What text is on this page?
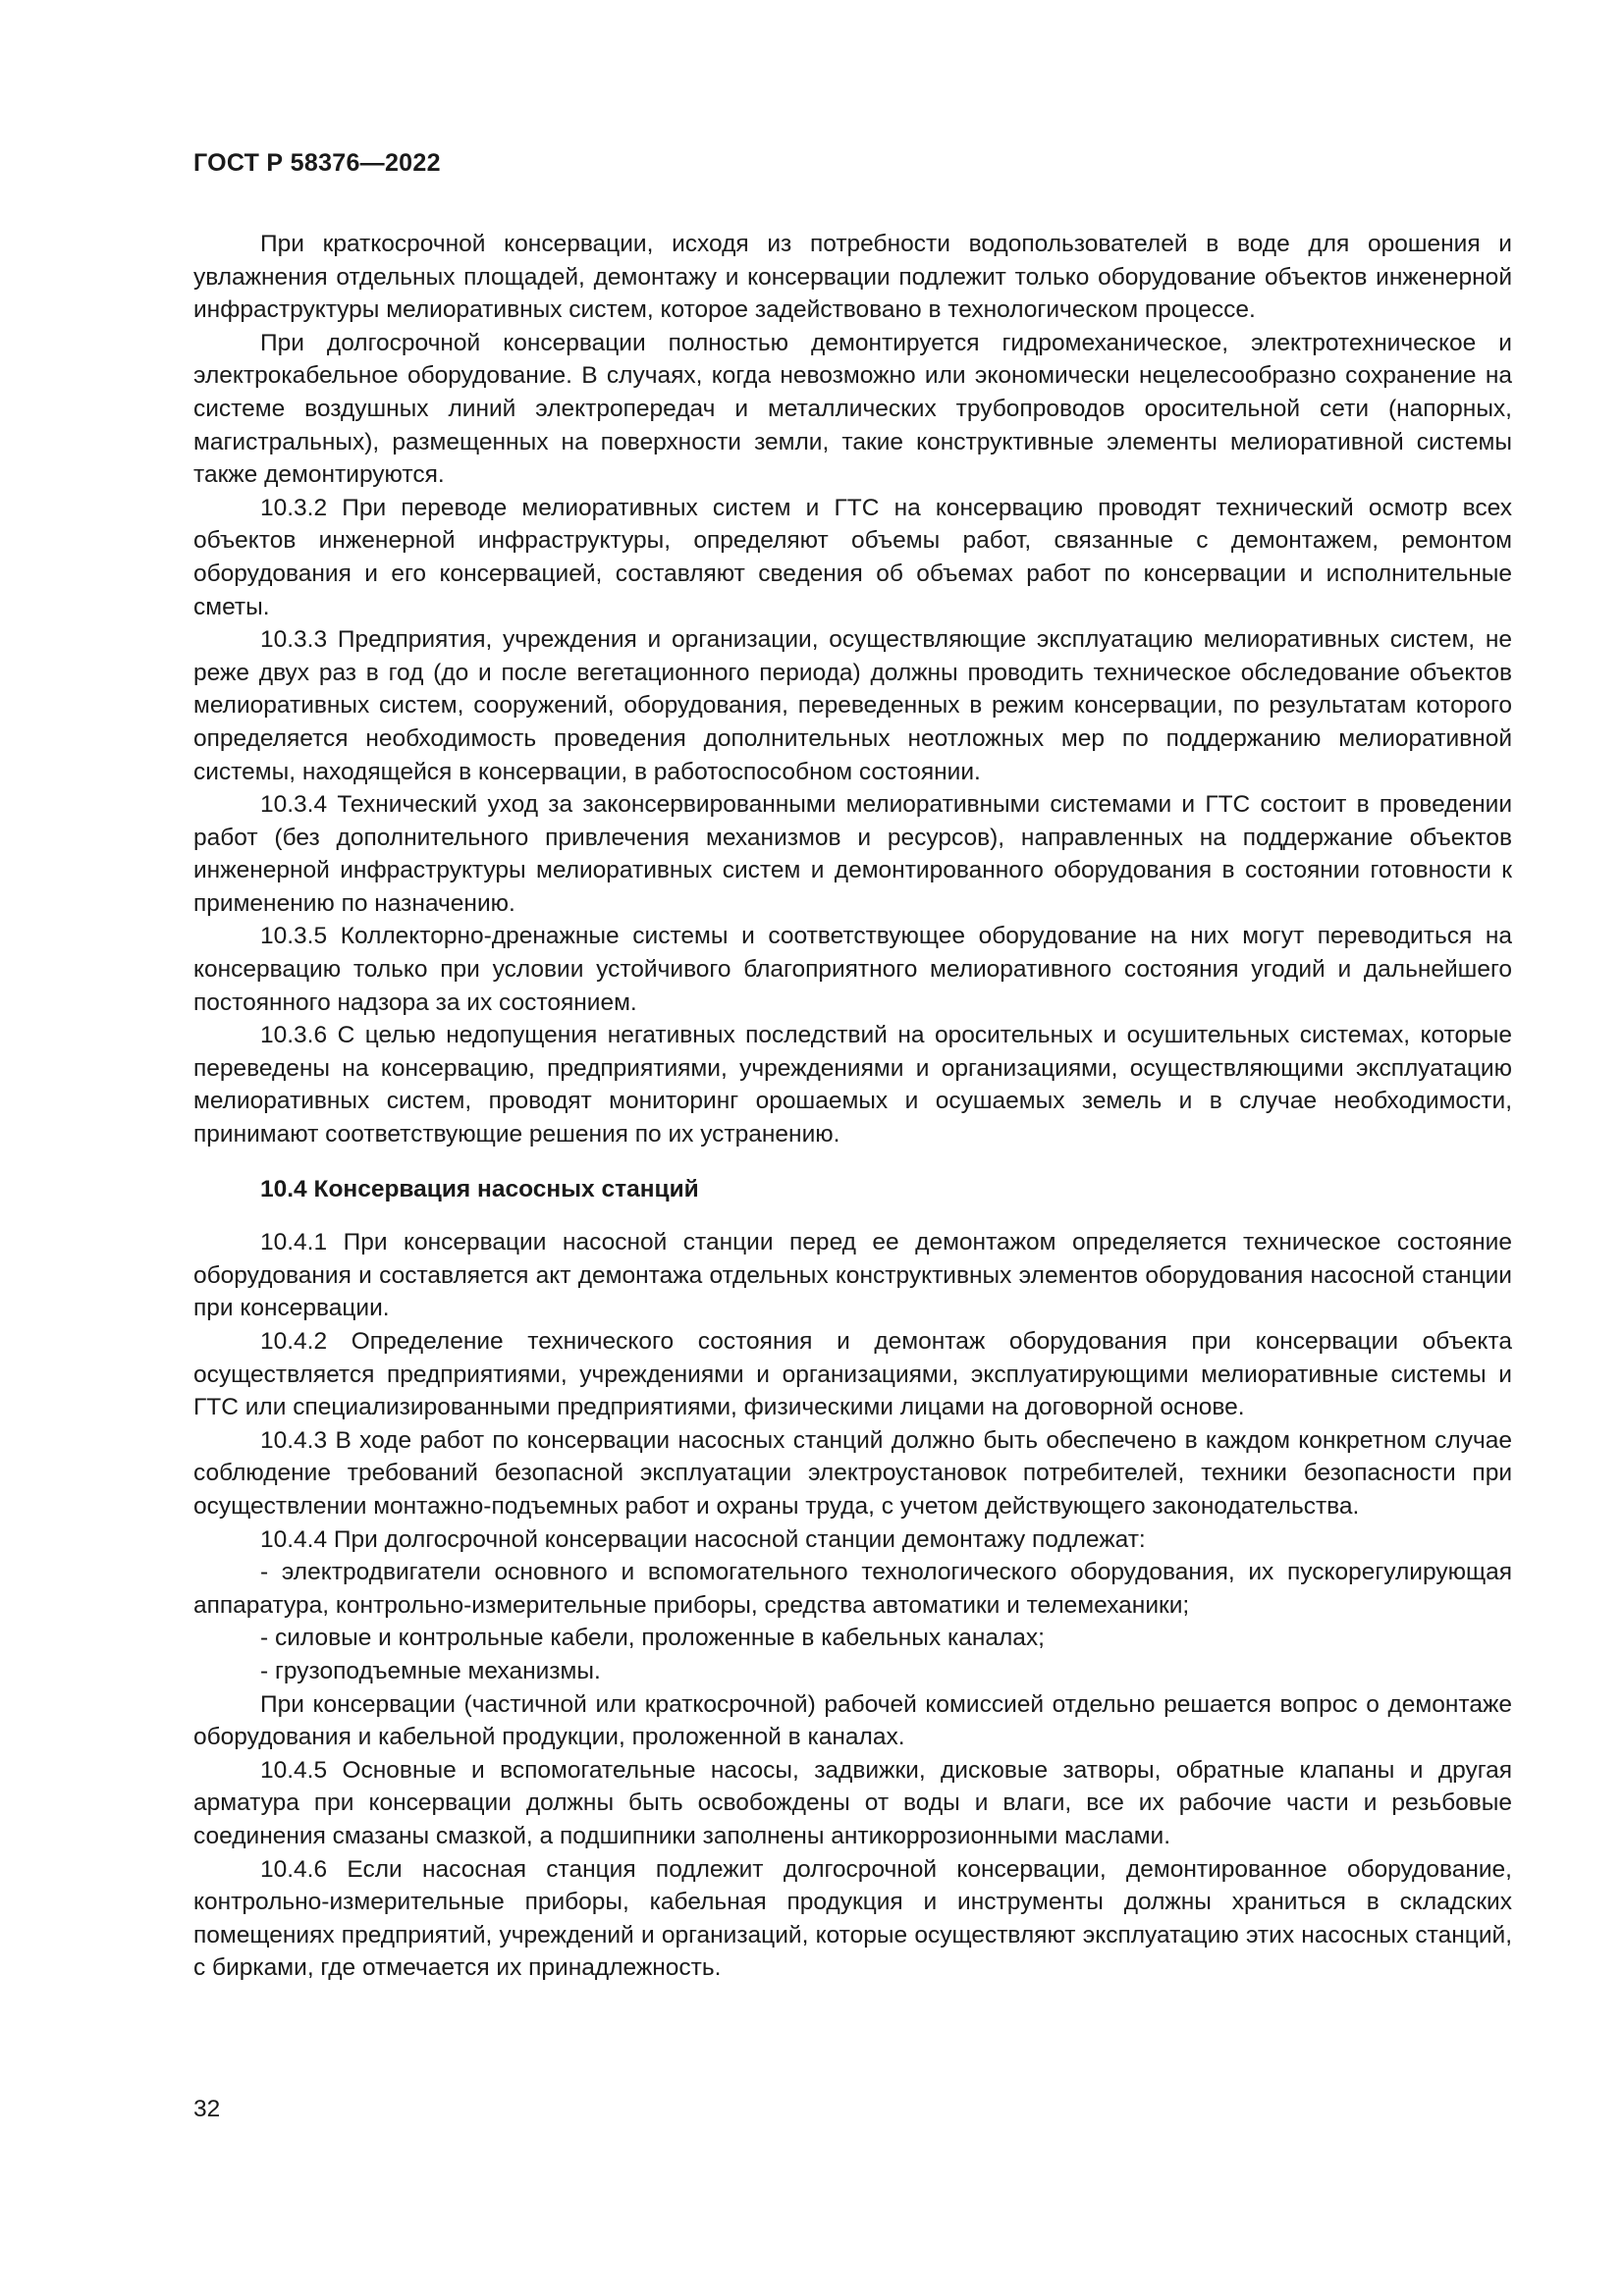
ГОСТ Р 58376—2022

При краткосрочной консервации, исходя из потребности водопользователей в воде для орошения и увлажнения отдельных площадей, демонтажу и консервации подлежит только оборудование объектов инженерной инфраструктуры мелиоративных систем, которое задействовано в технологическом процессе.

При долгосрочной консервации полностью демонтируется гидромеханическое, электротехническое и электрокабельное оборудование. В случаях, когда невозможно или экономически нецелесообразно сохранение на системе воздушных линий электропередач и металлических трубопроводов оросительной сети (напорных, магистральных), размещенных на поверхности земли, такие конструктивные элементы мелиоративной системы также демонтируются.

10.3.2 При переводе мелиоративных систем и ГТС на консервацию проводят технический осмотр всех объектов инженерной инфраструктуры, определяют объемы работ, связанные с демонтажем, ремонтом оборудования и его консервацией, составляют сведения об объемах работ по консервации и исполнительные сметы.

10.3.3 Предприятия, учреждения и организации, осуществляющие эксплуатацию мелиоративных систем, не реже двух раз в год (до и после вегетационного периода) должны проводить техническое обследование объектов мелиоративных систем, сооружений, оборудования, переведенных в режим консервации, по результатам которого определяется необходимость проведения дополнительных неотложных мер по поддержанию мелиоративной системы, находящейся в консервации, в работоспособном состоянии.

10.3.4 Технический уход за законсервированными мелиоративными системами и ГТС состоит в проведении работ (без дополнительного привлечения механизмов и ресурсов), направленных на поддержание объектов инженерной инфраструктуры мелиоративных систем и демонтированного оборудования в состоянии готовности к применению по назначению.

10.3.5 Коллекторно-дренажные системы и соответствующее оборудование на них могут переводиться на консервацию только при условии устойчивого благоприятного мелиоративного состояния угодий и дальнейшего постоянного надзора за их состоянием.

10.3.6 С целью недопущения негативных последствий на оросительных и осушительных системах, которые переведены на консервацию, предприятиями, учреждениями и организациями, осуществляющими эксплуатацию мелиоративных систем, проводят мониторинг орошаемых и осушаемых земель и в случае необходимости, принимают соответствующие решения по их устранению.

10.4 Консервация насосных станций

10.4.1 При консервации насосной станции перед ее демонтажом определяется техническое состояние оборудования и составляется акт демонтажа отдельных конструктивных элементов оборудования насосной станции при консервации.

10.4.2 Определение технического состояния и демонтаж оборудования при консервации объекта осуществляется предприятиями, учреждениями и организациями, эксплуатирующими мелиоративные системы и ГТС или специализированными предприятиями, физическими лицами на договорной основе.

10.4.3 В ходе работ по консервации насосных станций должно быть обеспечено в каждом конкретном случае соблюдение требований безопасной эксплуатации электроустановок потребителей, техники безопасности при осуществлении монтажно-подъемных работ и охраны труда, с учетом действующего законодательства.

10.4.4 При долгосрочной консервации насосной станции демонтажу подлежат:

- электродвигатели основного и вспомогательного технологического оборудования, их пускорегулирующая аппаратура, контрольно-измерительные приборы, средства автоматики и телемеханики;

- силовые и контрольные кабели, проложенные в кабельных каналах;

- грузоподъемные механизмы.

При консервации (частичной или краткосрочной) рабочей комиссией отдельно решается вопрос о демонтаже оборудования и кабельной продукции, проложенной в каналах.

10.4.5 Основные и вспомогательные насосы, задвижки, дисковые затворы, обратные клапаны и другая арматура при консервации должны быть освобождены от воды и влаги, все их рабочие части и резьбовые соединения смазаны смазкой, а подшипники заполнены антикоррозионными маслами.

10.4.6 Если насосная станция подлежит долгосрочной консервации, демонтированное оборудование, контрольно-измерительные приборы, кабельная продукция и инструменты должны храниться в складских помещениях предприятий, учреждений и организаций, которые осуществляют эксплуатацию этих насосных станций, с бирками, где отмечается их принадлежность.

32
